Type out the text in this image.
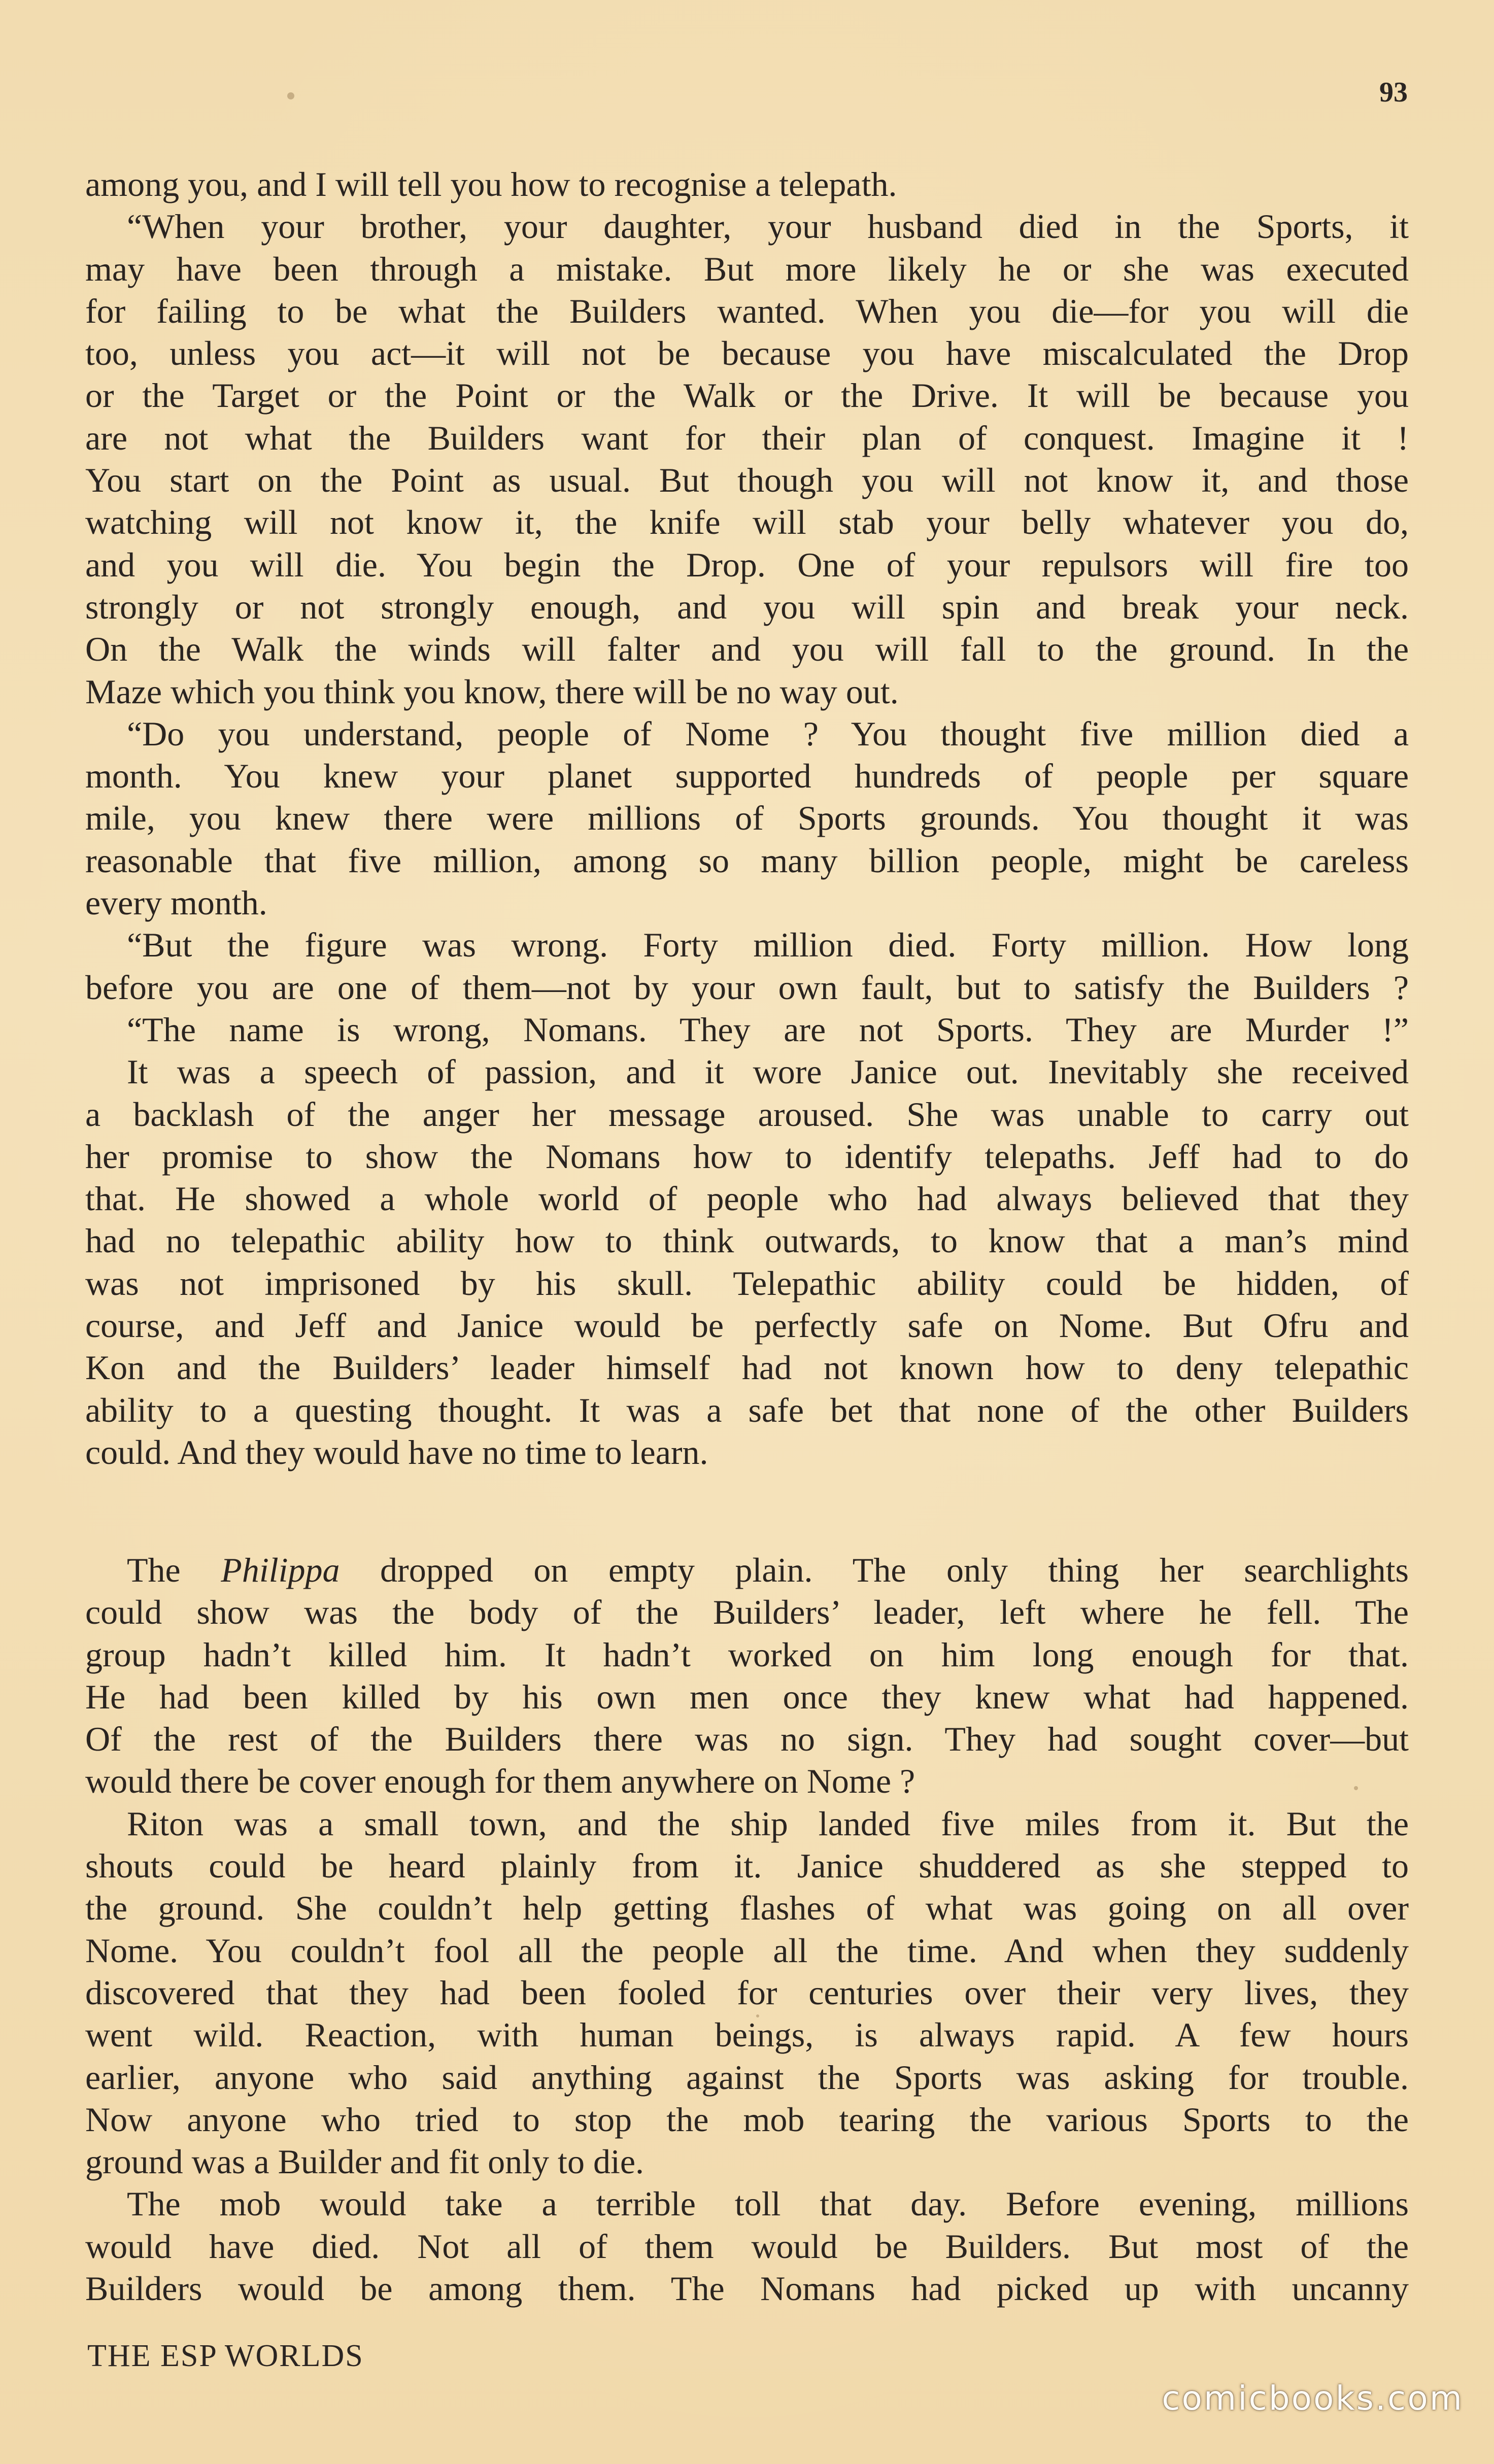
93
among you, and I will tell you how to recognise a telepath.
“When your brother, your daughter, your husband died in the Sports, it
may have been through a mistake. But more likely he or she was executed
for failing to be what the Builders wanted. When you die—for you will die
too, unless you act—it will not be because you have miscalculated the Drop
or the Target or the Point or the Walk or the Drive. It will be because you
are not what the Builders want for their plan of conquest. Imagine it !
You start on the Point as usual. But though you will not know it, and those
watching will not know it, the knife will stab your belly whatever you do,
and you will die. You begin the Drop. One of your repulsors will fire too
strongly or not strongly enough, and you will spin and break your neck.
On the Walk the winds will falter and you will fall to the ground. In the
Maze which you think you know, there will be no way out.
“Do you understand, people of Nome ? You thought five million died a
month. You knew your planet supported hundreds of people per square
mile, you knew there were millions of Sports grounds. You thought it was
reasonable that five million, among so many billion people, might be careless
every month.
“But the figure was wrong. Forty million died. Forty million. How long
before you are one of them—not by your own fault, but to satisfy the Builders ?
“The name is wrong, Nomans. They are not Sports. They are Murder !”
It was a speech of passion, and it wore Janice out. Inevitably she received
a backlash of the anger her message aroused. She was unable to carry out
her promise to show the Nomans how to identify telepaths. Jeff had to do
that. He showed a whole world of people who had always believed that they
had no telepathic ability how to think outwards, to know that a man’s mind
was not imprisoned by his skull. Telepathic ability could be hidden, of
course, and Jeff and Janice would be perfectly safe on Nome. But Ofru and
Kon and the Builders’ leader himself had not known how to deny telepathic
ability to a questing thought. It was a safe bet that none of the other Builders
could. And they would have no time to learn.
The Philippa dropped on empty plain. The only thing her searchlights
could show was the body of the Builders’ leader, left where he fell. The
group hadn’t killed him. It hadn’t worked on him long enough for that.
He had been killed by his own men once they knew what had happened.
Of the rest of the Builders there was no sign. They had sought cover—but
would there be cover enough for them anywhere on Nome ?
Riton was a small town, and the ship landed five miles from it. But the
shouts could be heard plainly from it. Janice shuddered as she stepped to
the ground. She couldn’t help getting flashes of what was going on all over
Nome. You couldn’t fool all the people all the time. And when they suddenly
discovered that they had been fooled for centuries over their very lives, they
went wild. Reaction, with human beings, is always rapid. A few hours
earlier, anyone who said anything against the Sports was asking for trouble.
Now anyone who tried to stop the mob tearing the various Sports to the
ground was a Builder and fit only to die.
The mob would take a terrible toll that day. Before evening, millions
would have died. Not all of them would be Builders. But most of the
Builders would be among them. The Nomans had picked up with uncanny
THE ESP WORLDS
comicbooks.com
